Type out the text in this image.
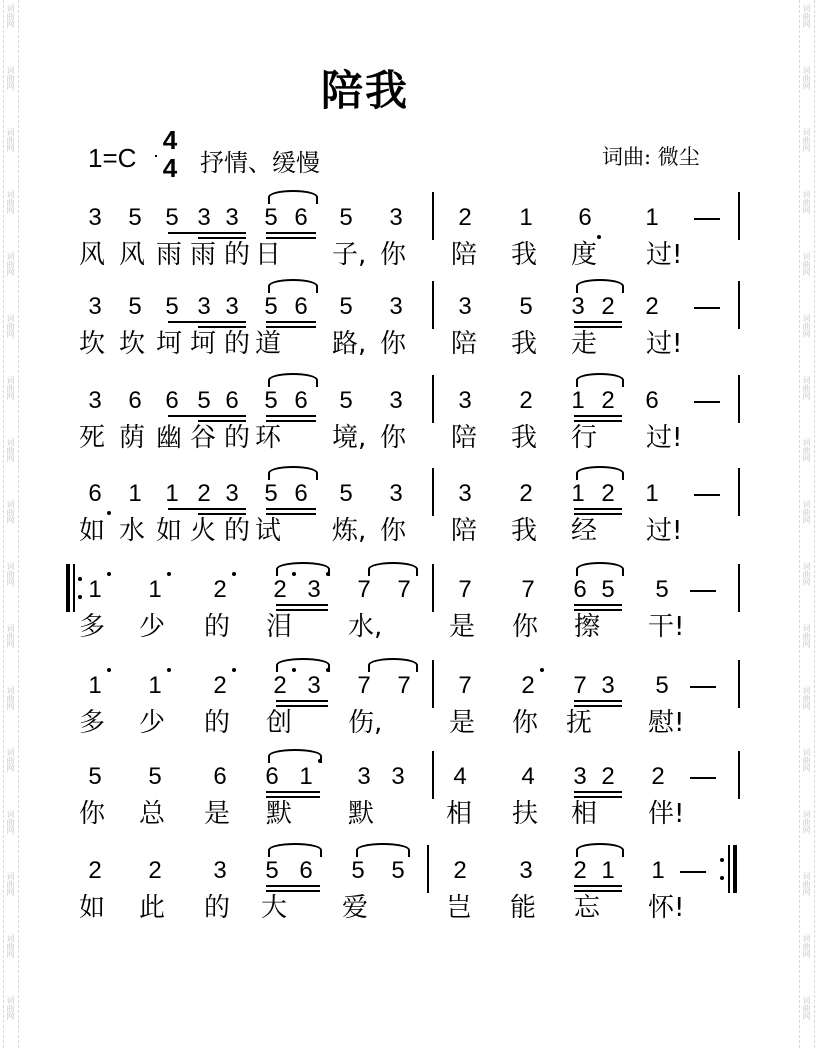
词曲网
词曲网
词曲网
词曲网
词曲网
词曲网
词曲网
词曲网
词曲网
词曲网
词曲网
词曲网
词曲网
词曲网
词曲网
词曲网
词曲网
词曲网
词曲网
词曲网
词曲网
词曲网
词曲网
词曲网
词曲网
词曲网
词曲网
词曲网
词曲网
词曲网
词曲网
词曲网
词曲网
词曲网
陪我
1=C
4
4 抒情、缓慢	词曲: 微尘
3	5 5 3 3	5 6	5	3	2	1	6	1
风 风 雨 雨 的 日 子, 你 陪 我 度 过!
3	5 5 3 3	5 6	5	3	3	5	3 2	2
坎 坎 坷 坷 的 道 路, 你 陪 我 走 过!
3	6 6 5 6	5 6	5	3	3	2	1 2	6
死 荫 幽 谷 的 环 境, 你 陪 我 行 过!
6	1 1 2 3	5 6	5	3	3	2	1 2	1
如 水 如 火 的 试 炼, 你 陪 我 经 过!
1	1	2	2 3	7	7	7	7	6 5	5
多 少 的 泪 水,	是 你 擦 干!
1	1	2	2 3	7	7	7	2	7 3	5
多 少 的 创 伤,	是 你 抚 慰!
5	5	6	6 1	3 3	4	4	3 2	2
你 总 是 默 默	相 扶 相 伴!
2	2	3	5 6	5	5	2	3	2 1	1
如 此 的 大 爱	岂 能 忘 怀!
